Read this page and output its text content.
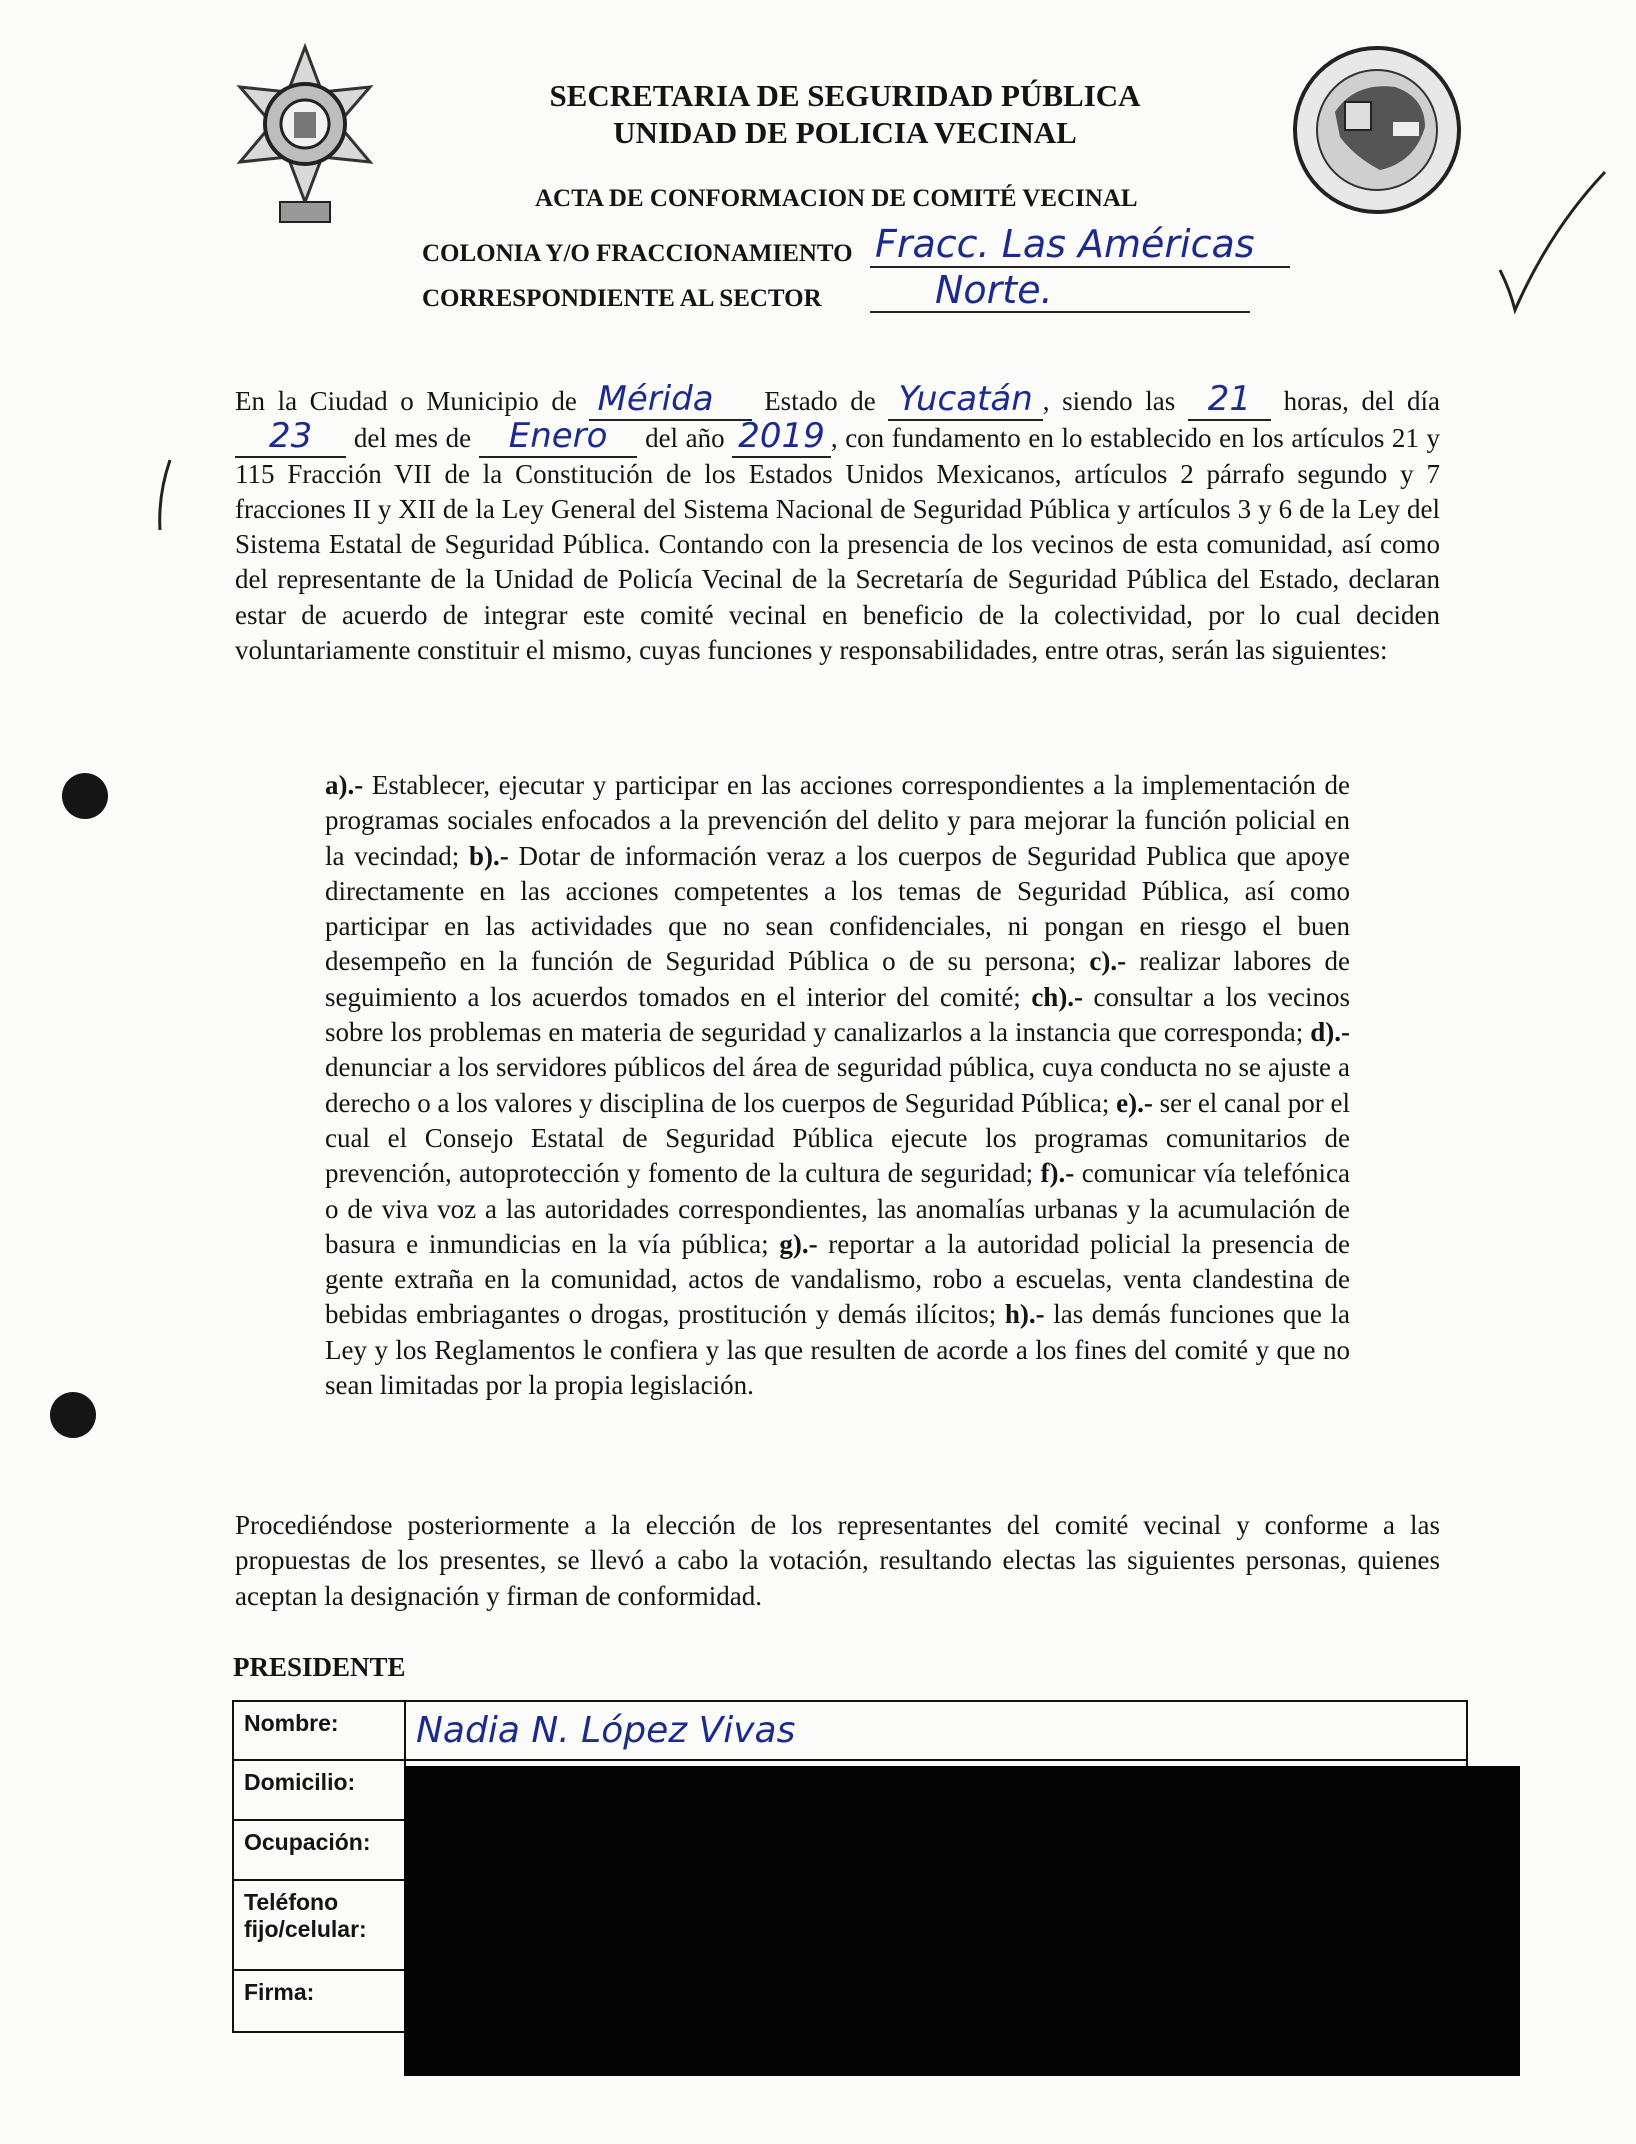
SECRETARIA DE SEGURIDAD PÚBLICA
UNIDAD DE POLICIA VECINAL
ACTA DE CONFORMACION DE COMITÉ VECINAL
COLONIA Y/O FRACCIONAMIENTO Fracc. Las Américas
CORRESPONDIENTE AL SECTOR	Norte.
En la Ciudad o Municipio de Mérida Estado de Yucatán , siendo las 21 horas, del día 23 del mes de Enero del año 2019 , con fundamento en lo establecido en los artículos 21 y 115 Fracción VII de la Constitución de los Estados Unidos Mexicanos, artículos 2 párrafo segundo y 7 fracciones II y XII de la Ley General del Sistema Nacional de Seguridad Pública y artículos 3 y 6 de la Ley del Sistema Estatal de Seguridad Pública. Contando con la presencia de los vecinos de esta comunidad, así como del representante de la Unidad de Policía Vecinal de la Secretaría de Seguridad Pública del Estado, declaran estar de acuerdo de integrar este comité vecinal en beneficio de la colectividad, por lo cual deciden voluntariamente constituir el mismo, cuyas funciones y responsabilidades, entre otras, serán las siguientes:
a).- Establecer, ejecutar y participar en las acciones correspondientes a la implementación de programas sociales enfocados a la prevención del delito y para mejorar la función policial en la vecindad; b).- Dotar de información veraz a los cuerpos de Seguridad Publica que apoye directamente en las acciones competentes a los temas de Seguridad Pública, así como participar en las actividades que no sean confidenciales, ni pongan en riesgo el buen desempeño en la función de Seguridad Pública o de su persona; c).- realizar labores de seguimiento a los acuerdos tomados en el interior del comité; ch).- consultar a los vecinos sobre los problemas en materia de seguridad y canalizarlos a la instancia que corresponda; d).- denunciar a los servidores públicos del área de seguridad pública, cuya conducta no se ajuste a derecho o a los valores y disciplina de los cuerpos de Seguridad Pública; e).- ser el canal por el cual el Consejo Estatal de Seguridad Pública ejecute los programas comunitarios de prevención, autoprotección y fomento de la cultura de seguridad; f).- comunicar vía telefónica o de viva voz a las autoridades correspondientes, las anomalías urbanas y la acumulación de basura e inmundicias en la vía pública; g).- reportar a la autoridad policial la presencia de gente extraña en la comunidad, actos de vandalismo, robo a escuelas, venta clandestina de bebidas embriagantes o drogas, prostitución y demás ilícitos; h).- las demás funciones que la Ley y los Reglamentos le confiera y las que resulten de acorde a los fines del comité y que no sean limitadas por la propia legislación.
Procediéndose posteriormente a la elección de los representantes del comité vecinal y conforme a las propuestas de los presentes, se llevó a cabo la votación, resultando electas las siguientes personas, quienes aceptan la designación y firman de conformidad.
PRESIDENTE
Nombre:	Nadia N. López Vivas
Domicilio:	
Ocupación:	
Teléfono fijo/celular:	
Firma:	
